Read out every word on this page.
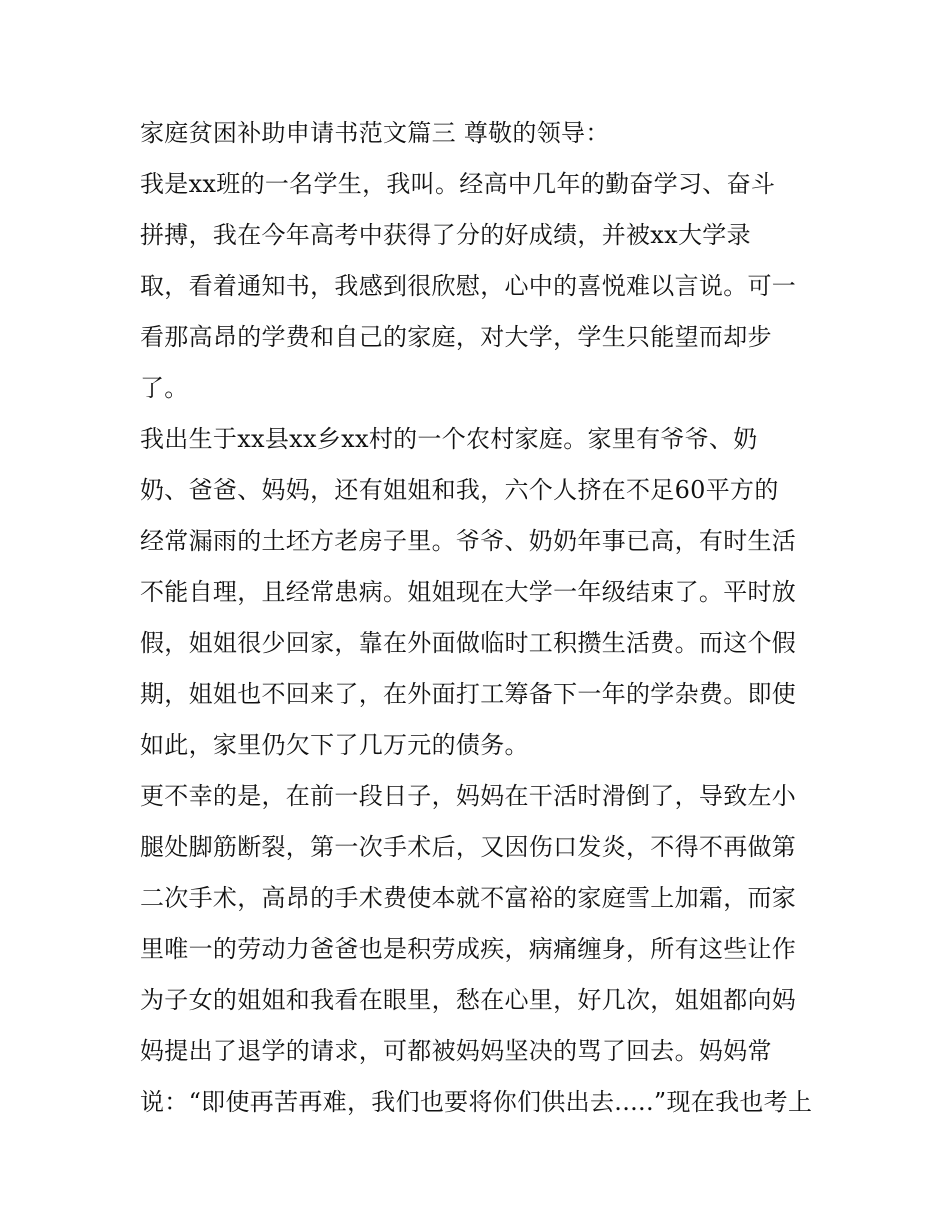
家庭贫困补助申请书范文篇三 尊敬的领导：
我是xx班的一名学生，我叫。经高中几年的勤奋学习、奋斗
拼搏，我在今年高考中获得了分的好成绩，并被xx大学录
取，看着通知书，我感到很欣慰，心中的喜悦难以言说。可一
看那高昂的学费和自己的家庭，对大学，学生只能望而却步
了。
我出生于xx县xx乡xx村的一个农村家庭。家里有爷爷、奶
奶、爸爸、妈妈，还有姐姐和我，六个人挤在不足60平方的
经常漏雨的土坯方老房子里。爷爷、奶奶年事已高，有时生活
不能自理，且经常患病。姐姐现在大学一年级结束了。平时放
假，姐姐很少回家，靠在外面做临时工积攒生活费。而这个假
期，姐姐也不回来了，在外面打工筹备下一年的学杂费。即使
如此，家里仍欠下了几万元的债务。
更不幸的是，在前一段日子，妈妈在干活时滑倒了，导致左小
腿处脚筋断裂，第一次手术后，又因伤口发炎，不得不再做第
二次手术，高昂的手术费使本就不富裕的家庭雪上加霜，而家
里唯一的劳动力爸爸也是积劳成疾，病痛缠身，所有这些让作
为子女的姐姐和我看在眼里，愁在心里，好几次，姐姐都向妈
妈提出了退学的请求，可都被妈妈坚决的骂了回去。妈妈常
说：“即使再苦再难，我们也要将你们供出去.....”现在我也考上
